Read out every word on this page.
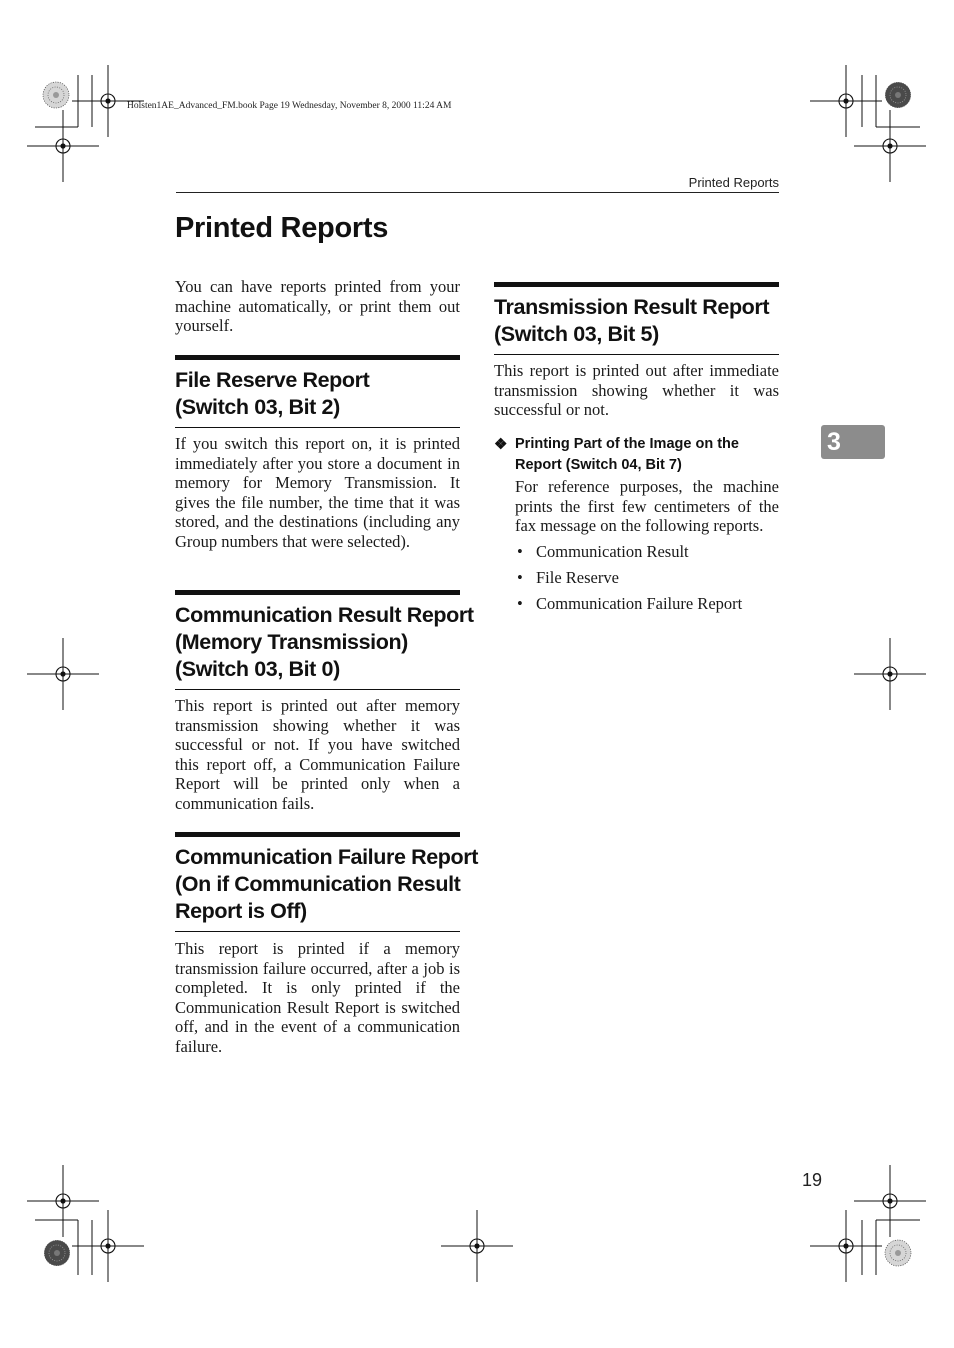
Holsten1AE_Advanced_FM.book Page 19 Wednesday, November 8, 2000 11:24 AM
Printed Reports
Printed Reports

You can have reports printed from your machine automatically, or print them out yourself.

File Reserve Report
(Switch 03, Bit 2)

If you switch this report on, it is printed immediately after you store a document in memory for Memory Transmission. It gives the file number, the time that it was stored, and the destinations (including any Group numbers that were selected).

Communication Result Report
(Memory Transmission)
(Switch 03, Bit 0)

This report is printed out after memory transmission showing whether it was successful or not. If you have switched this report off, a Communication Failure Report will be printed only when a communication fails.

Communication Failure Report
(On if Communication Result
Report is Off)

This report is printed if a memory transmission failure occurred, after a job is completed. It is only printed if the Communication Result Report is switched off, and in the event of a communication failure.

Transmission Result Report
(Switch 03, Bit 5)

This report is printed out after immediate transmission showing whether it was successful or not.

❖ Printing Part of the Image on the Report (Switch 04, Bit 7)

For reference purposes, the machine prints the first few centimeters of the fax message on the following reports.

• Communication Result
• File Reserve
• Communication Failure Report
3
19
